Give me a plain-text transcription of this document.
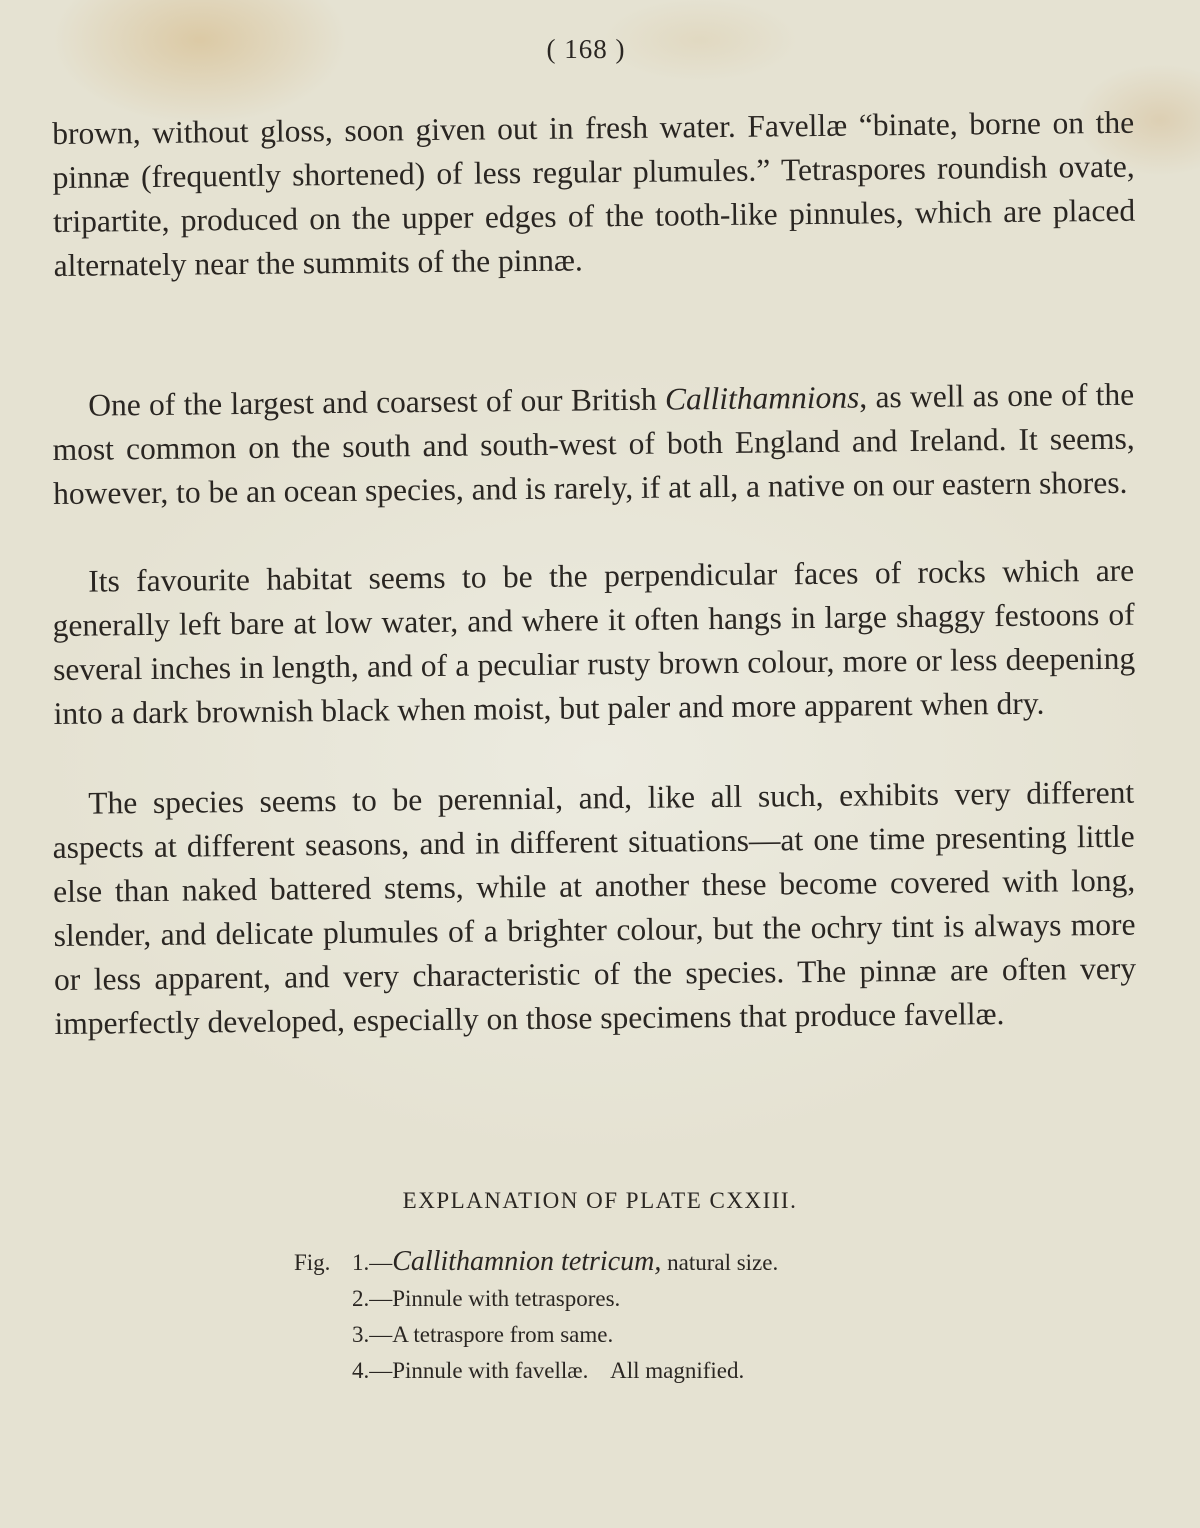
( 168 )

brown, without gloss, soon given out in fresh water. Favellæ “binate, borne on the pinnæ (frequently shortened) of less regular plumules.” Tetraspores roundish ovate, tripartite, produced on the upper edges of the tooth-like pinnules, which are placed alternately near the summits of the pinnæ.

One of the largest and coarsest of our British Callithamnions, as well as one of the most common on the south and south-west of both England and Ireland. It seems, however, to be an ocean species, and is rarely, if at all, a native on our eastern shores.

Its favourite habitat seems to be the perpendicular faces of rocks which are generally left bare at low water, and where it often hangs in large shaggy festoons of several inches in length, and of a peculiar rusty brown colour, more or less deepening into a dark brownish black when moist, but paler and more apparent when dry.

The species seems to be perennial, and, like all such, exhibits very different aspects at different seasons, and in different situations—at one time presenting little else than naked battered stems, while at another these become covered with long, slender, and delicate plumules of a brighter colour, but the ochry tint is always more or less apparent, and very characteristic of the species. The pinnæ are often very imperfectly developed, especially on those specimens that produce favellæ.

EXPLANATION OF PLATE CXXIII.
Fig. 1.—Callithamnion tetricum, natural size.
2.—Pinnule with tetraspores.
3.—A tetraspore from same.
4.—Pinnule with favellæ.    All magnified.
